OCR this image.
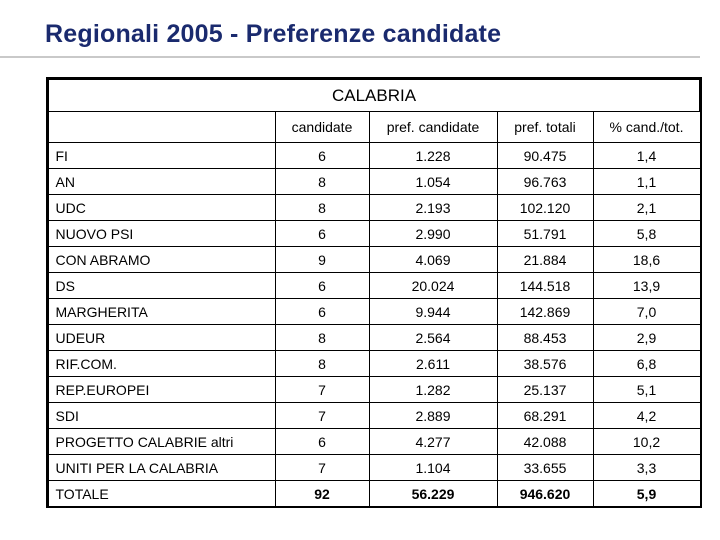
Regionali 2005 - Preferenze candidate
CALABRIA				
	candidate	pref. candidate	pref. totali	% cand./tot.
FI	6	1.228	90.475	1,4
AN	8	1.054	96.763	1,1
UDC	8	2.193	102.120	2,1
NUOVO PSI	6	2.990	51.791	5,8
CON ABRAMO	9	4.069	21.884	18,6
DS	6	20.024	144.518	13,9
MARGHERITA	6	9.944	142.869	7,0
UDEUR	8	2.564	88.453	2,9
RIF.COM.	8	2.611	38.576	6,8
REP.EUROPEI	7	1.282	25.137	5,1
SDI	7	2.889	68.291	4,2
PROGETTO CALABRIE altri	6	4.277	42.088	10,2
UNITI PER LA CALABRIA	7	1.104	33.655	3,3
TOTALE	92	56.229	946.620	5,9
